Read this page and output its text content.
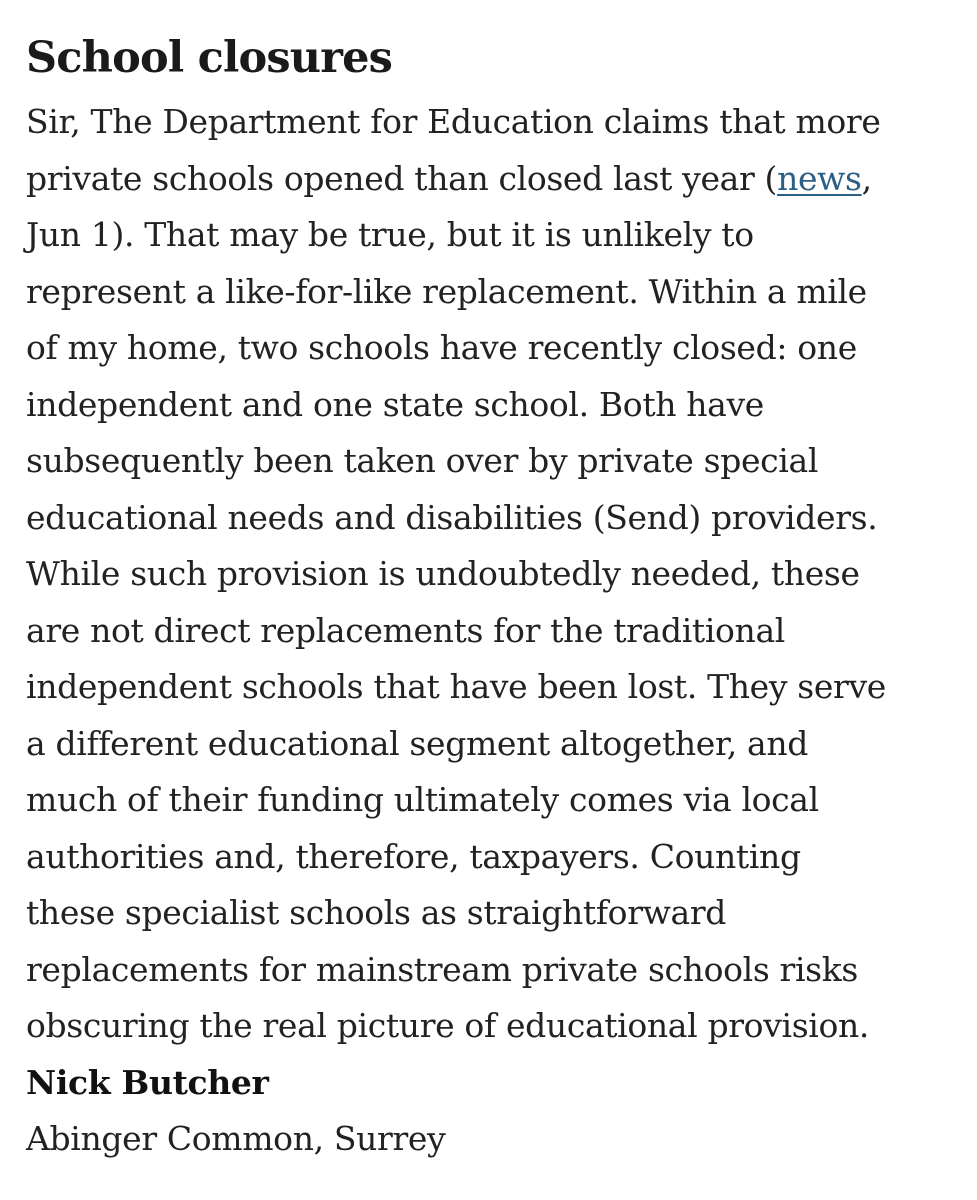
School closures
Sir, The Department for Education claims that more
private schools opened than closed last year (news,
Jun 1). That may be true, but it is unlikely to
represent a like-for-like replacement. Within a mile
of my home, two schools have recently closed: one
independent and one state school. Both have
subsequently been taken over by private special
educational needs and disabilities (Send) providers.
While such provision is undoubtedly needed, these
are not direct replacements for the traditional
independent schools that have been lost. They serve
a different educational segment altogether, and
much of their funding ultimately comes via local
authorities and, therefore, taxpayers. Counting
these specialist schools as straightforward
replacements for mainstream private schools risks
obscuring the real picture of educational provision.
Nick Butcher
Abinger Common, Surrey
